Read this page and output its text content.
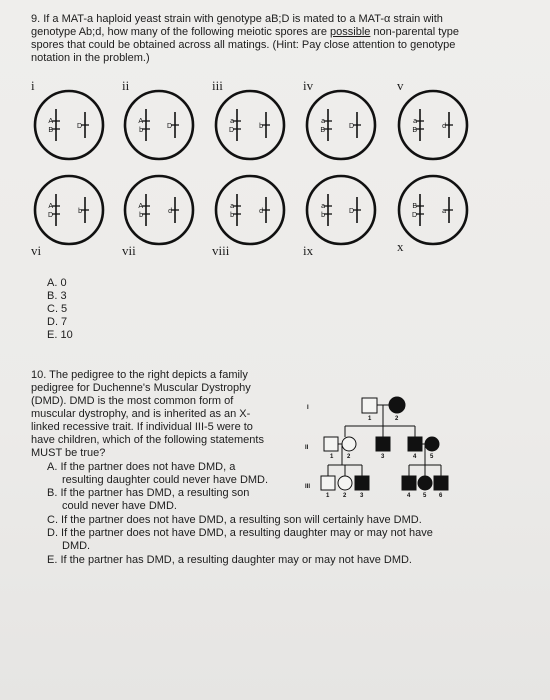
9. If a MAT-a haploid yeast strain with genotype aB;D is mated to a MAT-α strain with
genotype Ab;d, how many of the following meiotic spores are possible non-parental type
spores that could be obtained across all matings. (Hint: Pay close attention to genotype
notation in the problem.)
i	ii	iii	iv	v
vi	vii	viii	ix	x
A
B
D
A
b
D
a
D
b
a
B
D
a
B
d
A
D
b
A
b
d
a
b
d
a
b
D
B
D
a
A. 0
B. 3
C. 5
D. 7
E. 10
10. The pedigree to the right depicts a family
pedigree for Duchenne's Muscular Dystrophy
(DMD). DMD is the most common form of
muscular dystrophy, and is inherited as an X-
linked recessive trait. If individual III-5 were to
have children, which of the following statements
MUST be true?
A. If the partner does not have DMD, a
resulting daughter could never have DMD.
B. If the partner has DMD, a resulting son
could never have DMD.
C. If the partner does not have DMD, a resulting son will certainly have DMD.
D. If the partner does not have DMD, a resulting daughter may or may not have
DMD.
E. If the partner has DMD, a resulting daughter may or may not have DMD.
I
II
III
1	2
1 2	3	4 5
1 2 3	4 5 6
